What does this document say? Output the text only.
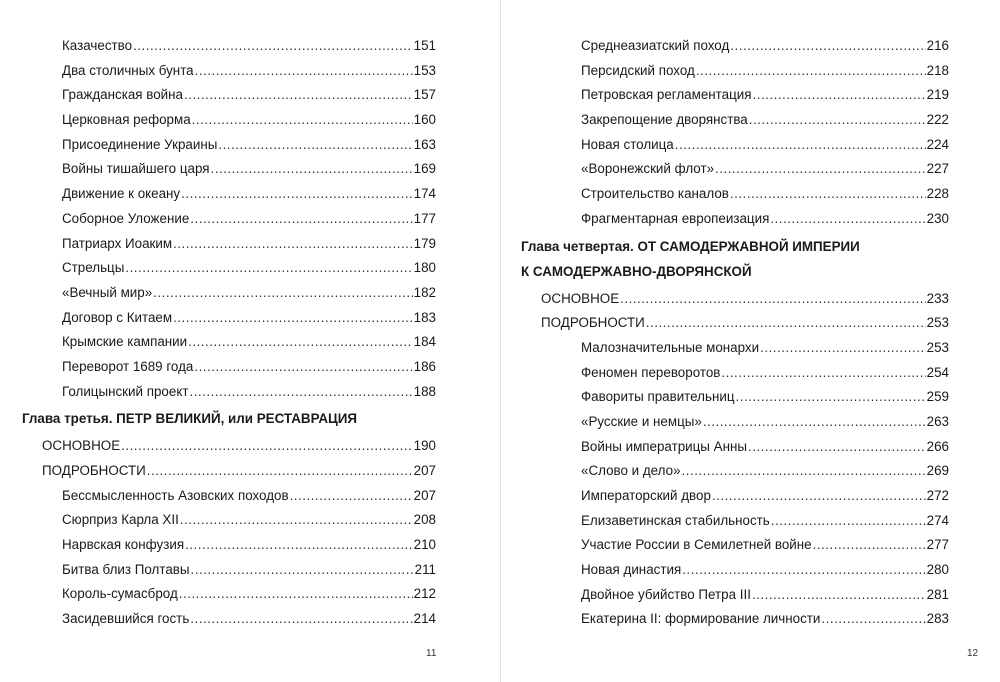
Казачество .....	151
Два столичных бунта .....	153
Гражданская война .....	157
Церковная реформа .....	160
Присоединение Украины .....	163
Войны тишайшего царя .....	169
Движение к океану .....	174
Соборное Уложение .....	177
Патриарх Иоаким .....	179
Стрельцы .....	180
«Вечный мир» .....	182
Договор с Китаем .....	183
Крымские кампании .....	184
Переворот 1689 года .....	186
Голицынский проект .....	188
Глава третья. ПЕТР ВЕЛИКИЙ, или РЕСТАВРАЦИЯ
ОСНОВНОЕ .....	190
ПОДРОБНОСТИ .....	207
Бессмысленность Азовских походов .....	207
Сюрприз Карла XII .....	208
Нарвская конфузия .....	210
Битва близ Полтавы .....	211
Король-сумасброд .....	212
Засидевшийся гость .....	214
11
Среднеазиатский поход .....	216
Персидский поход .....	218
Петровская регламентация .....	219
Закрепощение дворянства .....	222
Новая столица .....	224
«Воронежский флот» .....	227
Строительство каналов .....	228
Фрагментарная европеизация .....	230
Глава четвертая. ОТ САМОДЕРЖАВНОЙ ИМПЕРИИ
К САМОДЕРЖАВНО-ДВОРЯНСКОЙ
ОСНОВНОЕ .....	233
ПОДРОБНОСТИ .....	253
Малозначительные монархи .....	253
Феномен переворотов .....	254
Фавориты правительниц .....	259
«Русские и немцы» .....	263
Войны императрицы Анны .....	266
«Слово и дело» .....	269
Императорский двор .....	272
Елизаветинская стабильность .....	274
Участие России в Семилетней войне .....	277
Новая династия .....	280
Двойное убийство Петра III .....	281
Екатерина II: формирование личности .....	283
12
